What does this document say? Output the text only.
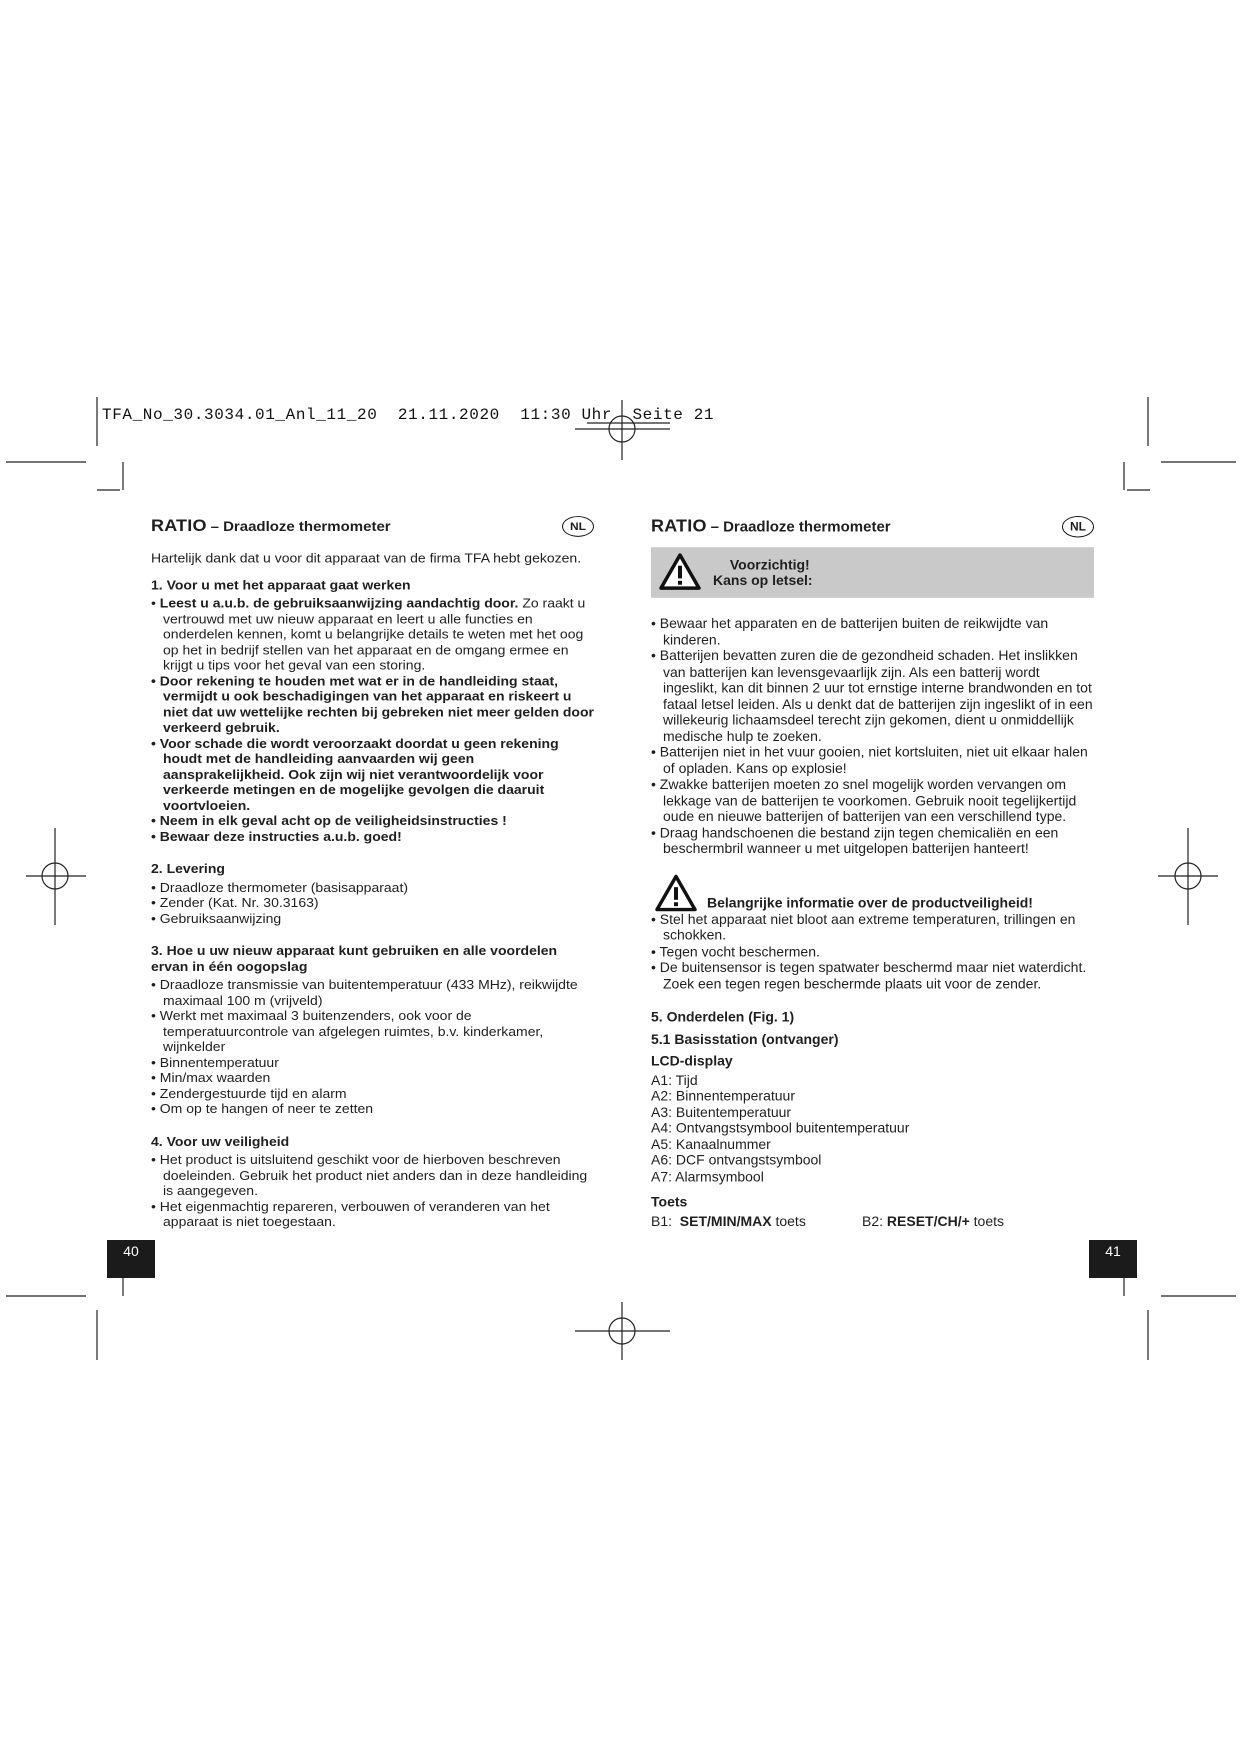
TFA_No_30.3034.01_Anl_11_20  21.11.2020  11:30 Uhr  Seite 21
RATIO – Draadloze thermometer	NL

Hartelijk dank dat u voor dit apparaat van de firma TFA hebt gekozen.

1. Voor u met het apparaat gaat werken
• Leest u a.u.b. de gebruiksaanwijzing aandachtig door. Zo raakt u vertrouwd met uw nieuw apparaat en leert u alle functies en onderdelen kennen, komt u belangrijke details te weten met het oog op het in bedrijf stellen van het apparaat en de omgang ermee en krijgt u tips voor het geval van een storing.
• Door rekening te houden met wat er in de handleiding staat, vermijdt u ook beschadigingen van het apparaat en riskeert u niet dat uw wettelijke rechten bij gebreken niet meer gelden door verkeerd gebruik.
• Voor schade die wordt veroorzaakt doordat u geen rekening houdt met de handleiding aanvaarden wij geen aansprakelijkheid. Ook zijn wij niet verantwoordelijk voor verkeerde metingen en de mogelijke gevolgen die daaruit voortvloeien.
• Neem in elk geval acht op de veiligheidsinstructies !
• Bewaar deze instructies a.u.b. goed!
2. Levering
• Draadloze thermometer (basisapparaat)
• Zender (Kat. Nr. 30.3163)
• Gebruiksaanwijzing
3. Hoe u uw nieuw apparaat kunt gebruiken en alle voordelen ervan in één oogopslag
• Draadloze transmissie van buitentemperatuur (433 MHz), reikwijdte maximaal 100 m (vrijveld)
• Werkt met maximaal 3 buitenzenders, ook voor de temperatuurcontrole van afgelegen ruimtes, b.v. kinderkamer, wijnkelder
• Binnentemperatuur
• Min/max waarden
• Zendergestuurde tijd en alarm
• Om op te hangen of neer te zetten
4. Voor uw veiligheid
• Het product is uitsluitend geschikt voor de hierboven beschreven doeleinden. Gebruik het product niet anders dan in deze handleiding is aangegeven.
• Het eigenmachtig repareren, verbouwen of veranderen van het apparaat is niet toegestaan.
RATIO – Draadloze thermometer	NL
Voorzichtig!
Kans op letsel:
• Bewaar het apparaten en de batterijen buiten de reikwijdte van kinderen.
• Batterijen bevatten zuren die de gezondheid schaden. Het inslikken van batterijen kan levensgevaarlijk zijn. Als een batterij wordt ingeslikt, kan dit binnen 2 uur tot ernstige interne brandwonden en tot fataal letsel leiden. Als u denkt dat de batterijen zijn ingeslikt of in een willekeurig lichaamsdeel terecht zijn gekomen, dient u onmiddellijk medische hulp te zoeken.
• Batterijen niet in het vuur gooien, niet kortsluiten, niet uit elkaar halen of opladen. Kans op explosie!
• Zwakke batterijen moeten zo snel mogelijk worden vervangen om lekkage van de batterijen te voorkomen. Gebruik nooit tegelijkertijd oude en nieuwe batterijen of batterijen van een verschillend type.
• Draag handschoenen die bestand zijn tegen chemicaliën en een beschermbril wanneer u met uitgelopen batterijen hanteert!
Belangrijke informatie over de productveiligheid!
• Stel het apparaat niet bloot aan extreme temperaturen, trillingen en schokken.
• Tegen vocht beschermen.
• De buitensensor is tegen spatwater beschermd maar niet waterdicht. Zoek een tegen regen beschermde plaats uit voor de zender.
5. Onderdelen (Fig. 1)
5.1 Basisstation (ontvanger)
LCD-display
A1: Tijd
A2: Binnentemperatuur
A3: Buitentemperatuur
A4: Ontvangstsymbool buitentemperatuur
A5: Kanaalnummer
A6: DCF ontvangstsymbool
A7: Alarmsymbool
Toets
B1: SET/MIN/MAX toets	B2: RESET/CH/+ toets
40	41
